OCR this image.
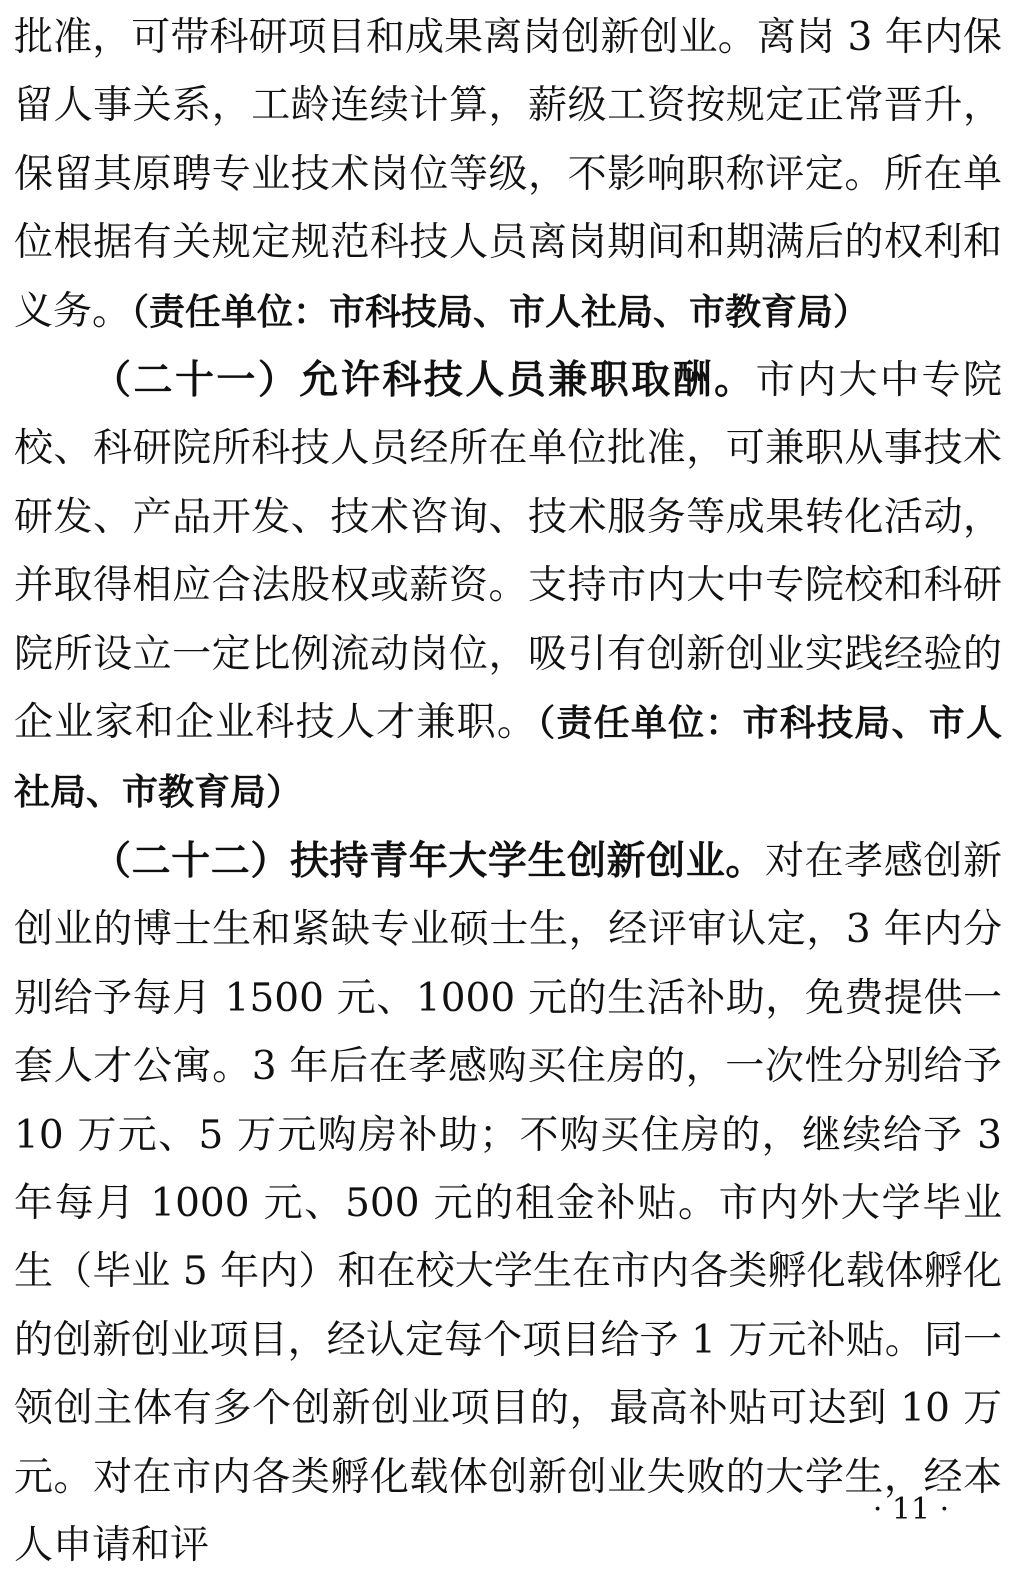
批准，可带科研项目和成果离岗创新创业。离岗 3 年内保留人事关系，工龄连续计算，薪级工资按规定正常晋升，保留其原聘专业技术岗位等级，不影响职称评定。所在单位根据有关规定规范科技人员离岗期间和期满后的权利和义务。（责任单位：市科技局、市人社局、市教育局）

（二十一）允许科技人员兼职取酬。市内大中专院校、科研院所科技人员经所在单位批准，可兼职从事技术研发、产品开发、技术咨询、技术服务等成果转化活动，并取得相应合法股权或薪资。支持市内大中专院校和科研院所设立一定比例流动岗位，吸引有创新创业实践经验的企业家和企业科技人才兼职。（责任单位：市科技局、市人社局、市教育局）

（二十二）扶持青年大学生创新创业。对在孝感创新创业的博士生和紧缺专业硕士生，经评审认定，3 年内分别给予每月 1500 元、1000 元的生活补助，免费提供一套人才公寓。3 年后在孝感购买住房的，一次性分别给予 10 万元、5 万元购房补助；不购买住房的，继续给予 3 年每月 1000 元、500 元的租金补贴。市内外大学毕业生（毕业 5 年内）和在校大学生在市内各类孵化载体孵化的创新创业项目，经认定每个项目给予 1 万元补贴。同一领创主体有多个创新创业项目的，最高补贴可达到 10 万元。对在市内各类孵化载体创新创业失败的大学生，经本人申请和评

· 11 ·
